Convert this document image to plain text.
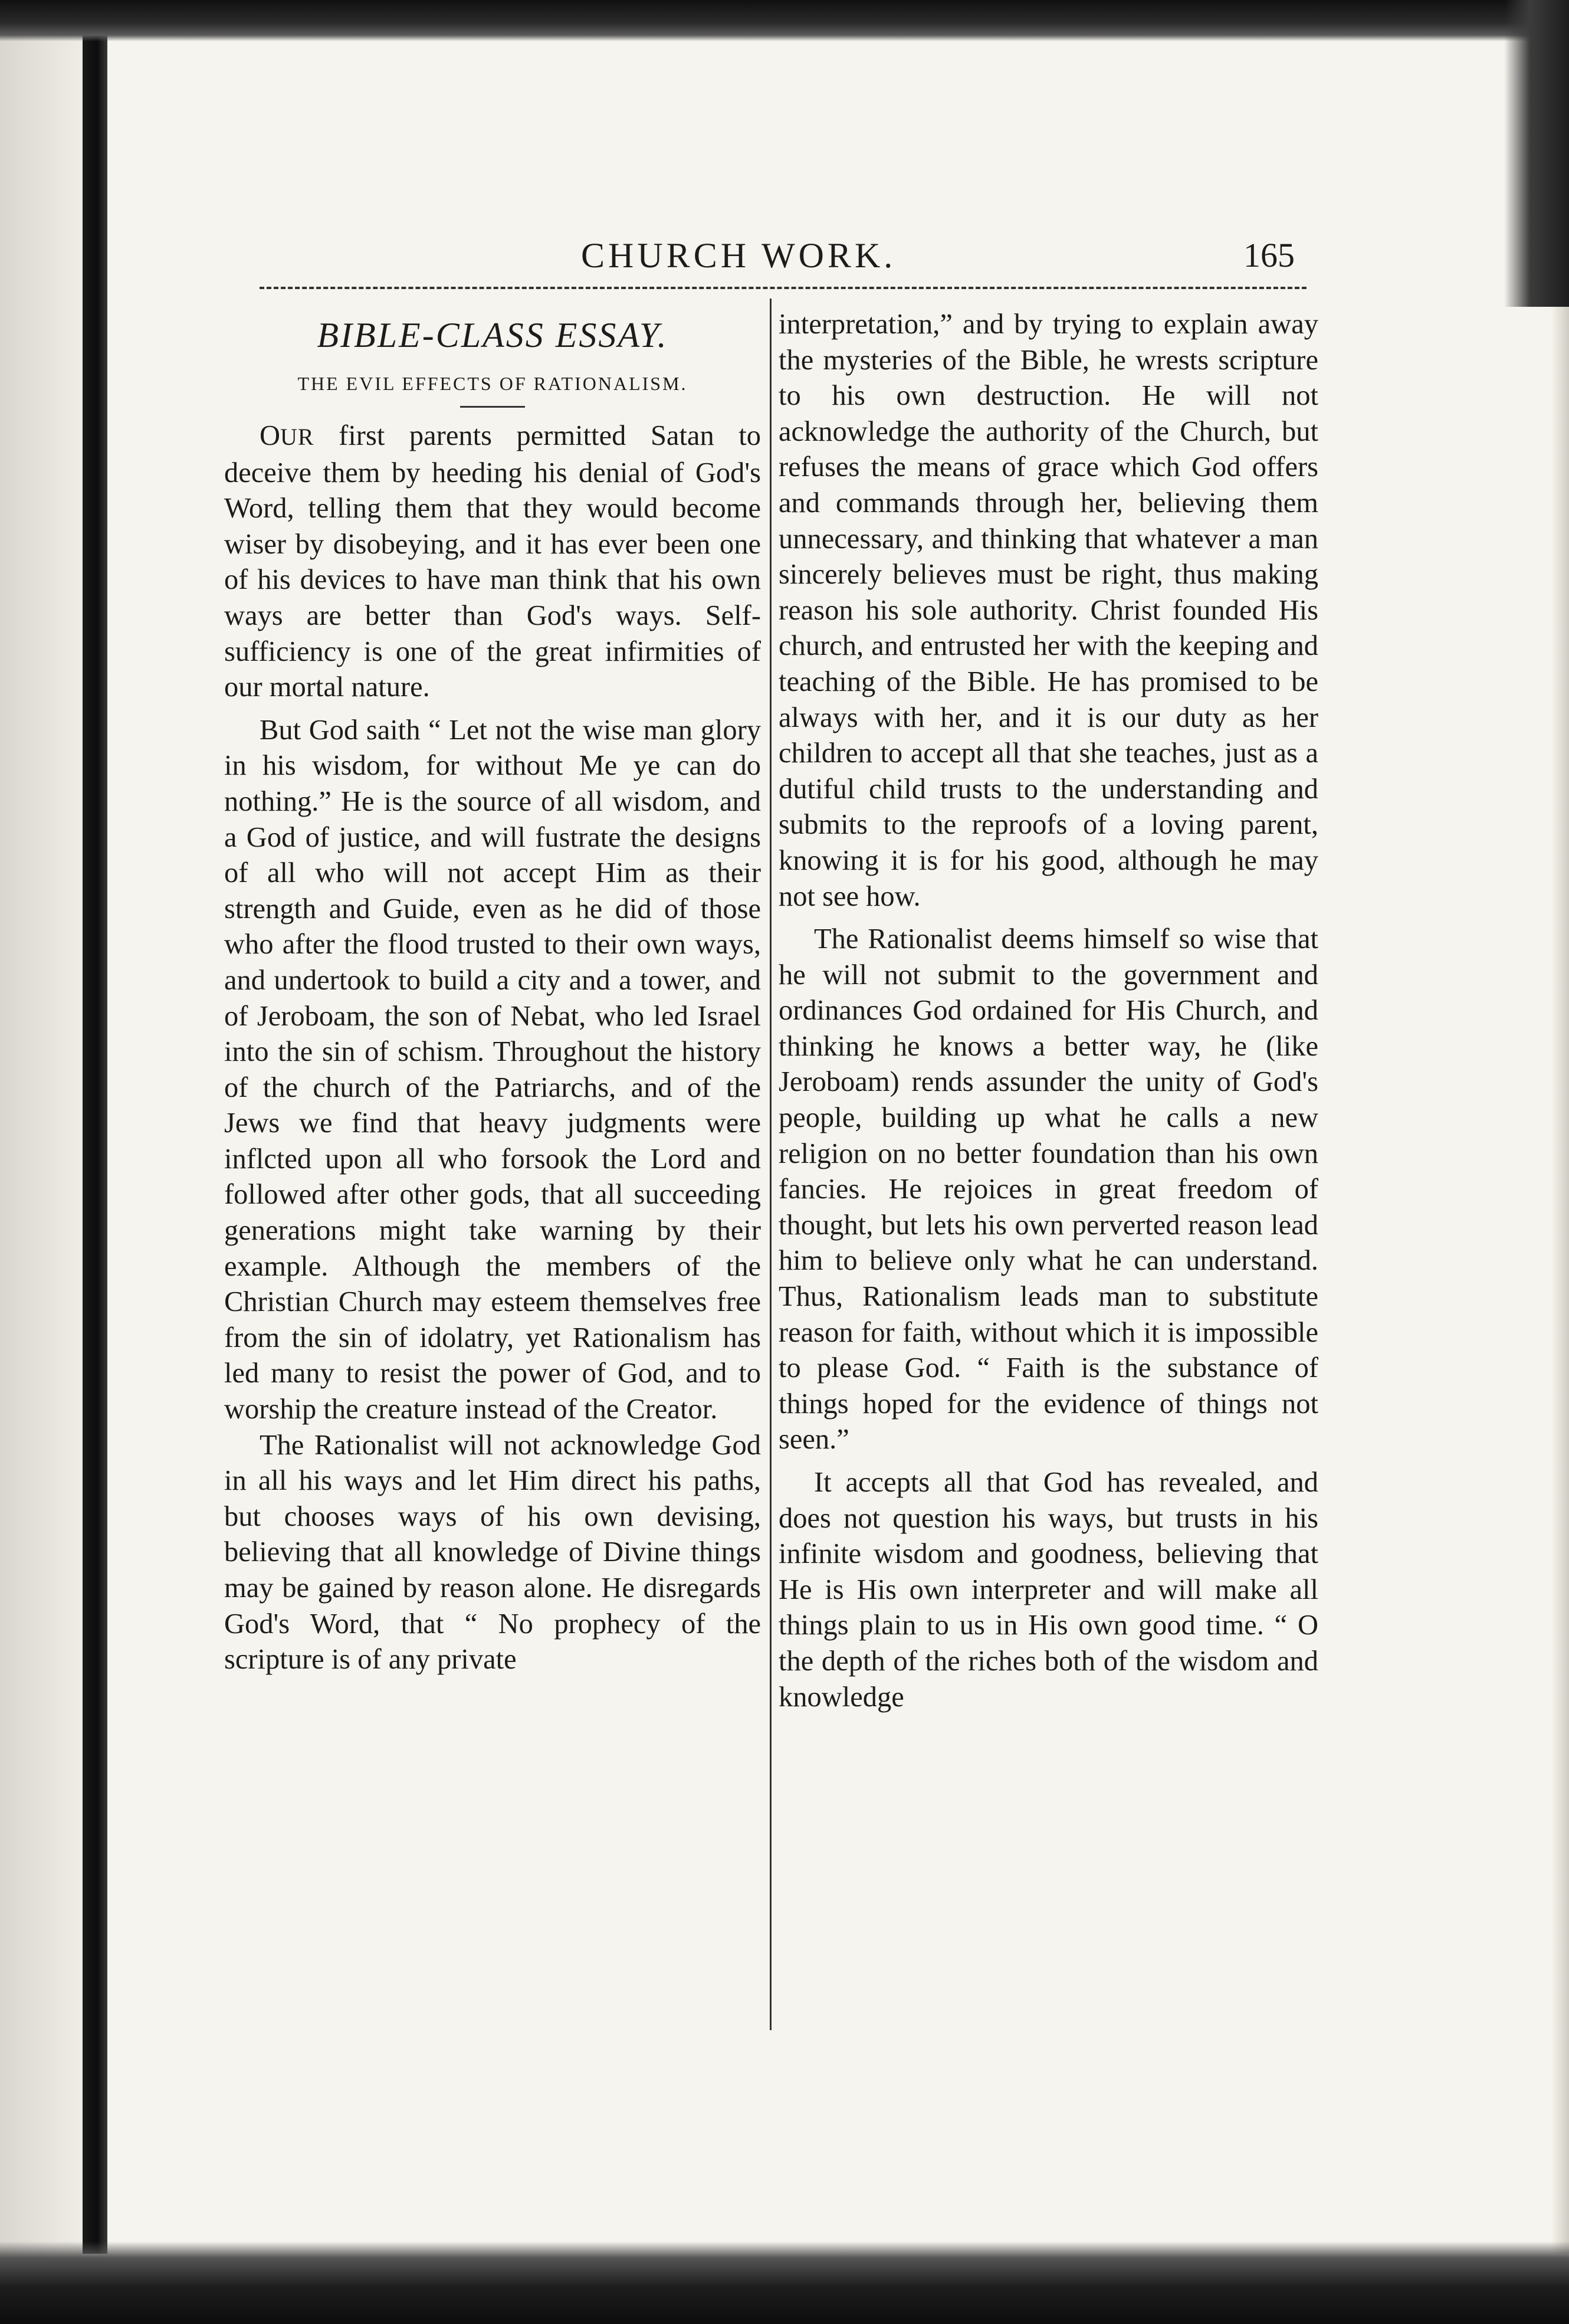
CHURCH WORK.	165
BIBLE-CLASS ESSAY.
THE EVIL EFFECTS OF RATIONALISM.

OUR first parents permitted Satan to deceive them by heeding his denial of God's Word, telling them that they would become wiser by disobeying, and it has ever been one of his devices to have man think that his own ways are better than God's ways. Self-sufficiency is one of the great infirmities of our mortal nature.

But God saith “ Let not the wise man glory in his wisdom, for without Me ye can do nothing.” He is the source of all wisdom, and a God of justice, and will fustrate the designs of all who will not accept Him as their strength and Guide, even as he did of those who after the flood trusted to their own ways, and undertook to build a city and a tower, and of Jeroboam, the son of Nebat, who led Israel into the sin of schism. Throughout the history of the church of the Patriarchs, and of the Jews we find that heavy judgments were inflcted upon all who forsook the Lord and followed after other gods, that all succeeding generations might take warning by their example. Although the members of the Christian Church may esteem themselves free from the sin of idolatry, yet Rationalism has led many to resist the power of God, and to worship the creature instead of the Creator.

The Rationalist will not acknowledge God in all his ways and let Him direct his paths, but chooses ways of his own devising, believing that all knowledge of Divine things may be gained by reason alone. He disregards God's Word, that “ No prophecy of the scripture is of any private

interpretation,” and by trying to explain away the mysteries of the Bible, he wrests scripture to his own destruction. He will not acknowledge the authority of the Church, but refuses the means of grace which God offers and commands through her, believing them unnecessary, and thinking that whatever a man sincerely believes must be right, thus making reason his sole authority. Christ founded His church, and entrusted her with the keeping and teaching of the Bible. He has promised to be always with her, and it is our duty as her children to accept all that she teaches, just as a dutiful child trusts to the understanding and submits to the reproofs of a loving parent, knowing it is for his good, although he may not see how.

The Rationalist deems himself so wise that he will not submit to the government and ordinances God ordained for His Church, and thinking he knows a better way, he (like Jeroboam) rends assunder the unity of God's people, building up what he calls a new religion on no better foundation than his own fancies. He rejoices in great freedom of thought, but lets his own perverted reason lead him to believe only what he can understand. Thus, Rationalism leads man to substitute reason for faith, without which it is impossible to please God. “ Faith is the substance of things hoped for the evidence of things not seen.”

It accepts all that God has revealed, and does not question his ways, but trusts in his infinite wisdom and goodness, believing that He is His own interpreter and will make all things plain to us in His own good time. “ O the depth of the riches both of the wisdom and knowledge
